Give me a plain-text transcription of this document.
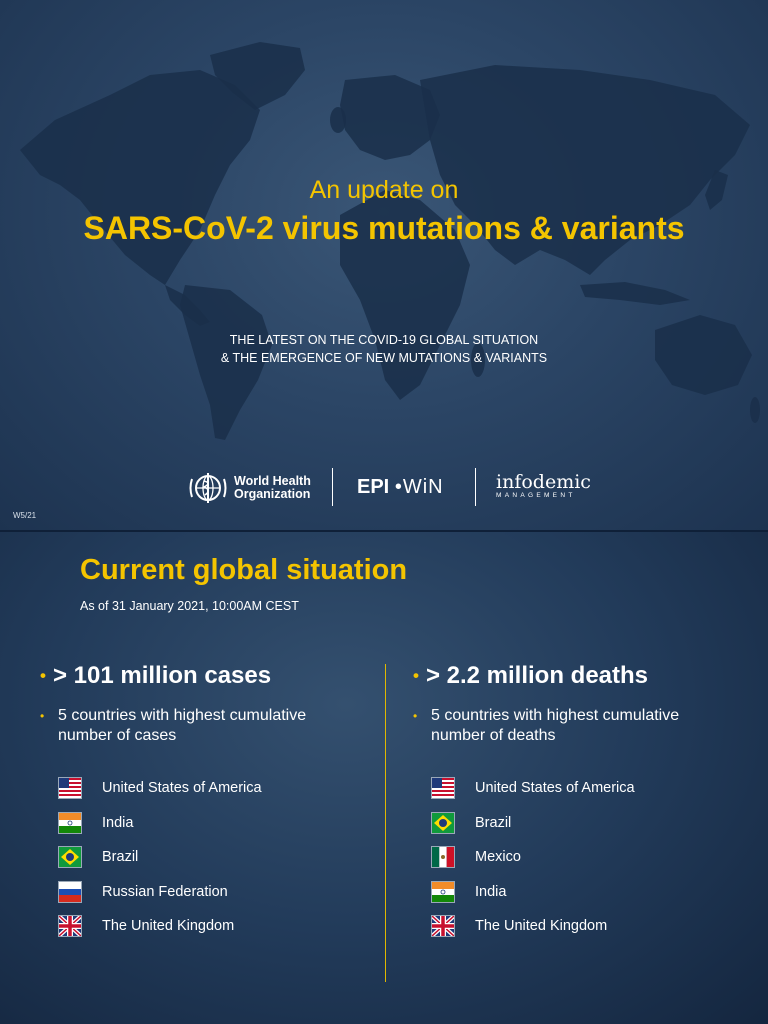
An update on
SARS-CoV-2 virus mutations & variants
THE LATEST ON THE COVID-19 GLOBAL SITUATION
& THE EMERGENCE OF NEW MUTATIONS & VARIANTS
World Health
Organization EPI •WiN	infodemic
MANAGEMENT
W5/21
Current global situation
As of 31 January 2021, 10:00AM CEST
• > 101 million cases
• 5 countries with highest cumulative number of cases
United States of America
India
Brazil
Russian Federation
The United Kingdom
• > 2.2 million deaths
• 5 countries with highest cumulative number of deaths
United States of America
Brazil
Mexico
India
The United Kingdom
